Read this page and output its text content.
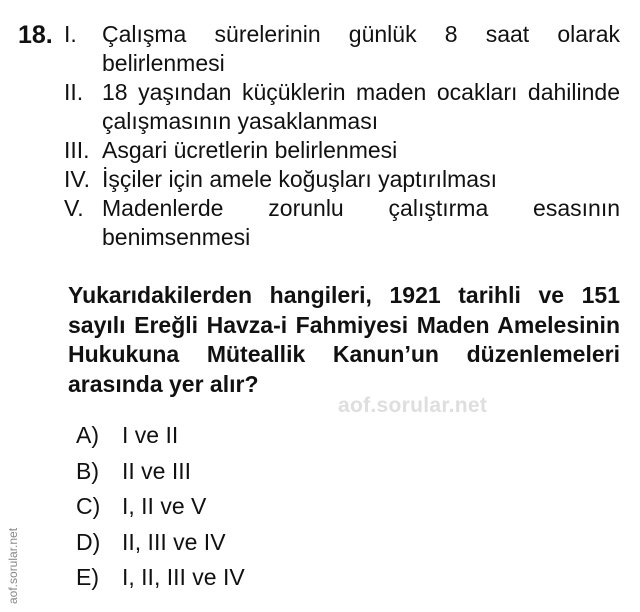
18. I.	Çalışma sürelerinin günlük 8 saat olarak belirlenmesi
II. 18 yaşından küçüklerin maden ocakları dahilinde çalışmasının yasaklanması
III. Asgari ücretlerin belirlenmesi
IV. İşçiler için amele koğuşları yaptırılması
V. Madenlerde zorunlu çalıştırma esasının benimsenmesi

Yukarıdakilerden hangileri, 1921 tarihli ve 151 sayılı Ereğli Havza-i Fahmiyesi Maden Amelesinin Hukukuna Müteallik Kanun’un düzenlemeleri arasında yer alır?

aof.sorular.net
A)	I ve II
B)	II ve III
C) I, II ve V
D) II, III ve IV
E)	I, II, III ve IV
aof.sorular.net
